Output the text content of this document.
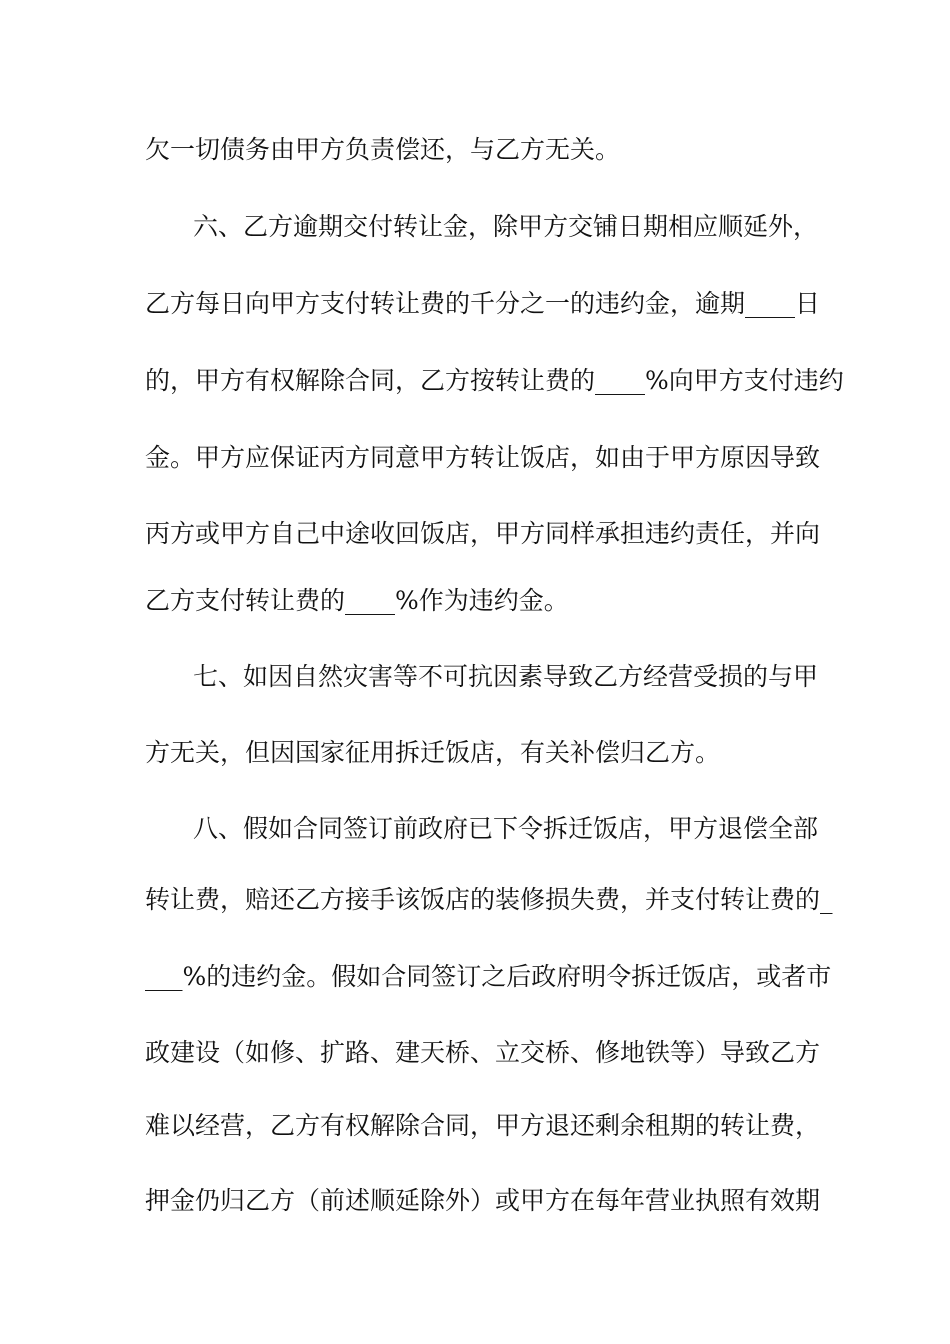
欠一切债务由甲方负责偿还，与乙方无关。
六、乙方逾期交付转让金，除甲方交铺日期相应顺延外，
乙方每日向甲方支付转让费的千分之一的违约金，逾期____日
的，甲方有权解除合同，乙方按转让费的____%向甲方支付违约
金。甲方应保证丙方同意甲方转让饭店，如由于甲方原因导致
丙方或甲方自己中途收回饭店，甲方同样承担违约责任，并向
乙方支付转让费的____%作为违约金。
七、如因自然灾害等不可抗因素导致乙方经营受损的与甲
方无关，但因国家征用拆迁饭店，有关补偿归乙方。
八、假如合同签订前政府已下令拆迁饭店，甲方退偿全部
转让费，赔还乙方接手该饭店的装修损失费，并支付转让费的_
___%的违约金。假如合同签订之后政府明令拆迁饭店，或者市
政建设（如修、扩路、建天桥、立交桥、修地铁等）导致乙方
难以经营，乙方有权解除合同，甲方退还剩余租期的转让费，
押金仍归乙方（前述顺延除外）或甲方在每年营业执照有效期
